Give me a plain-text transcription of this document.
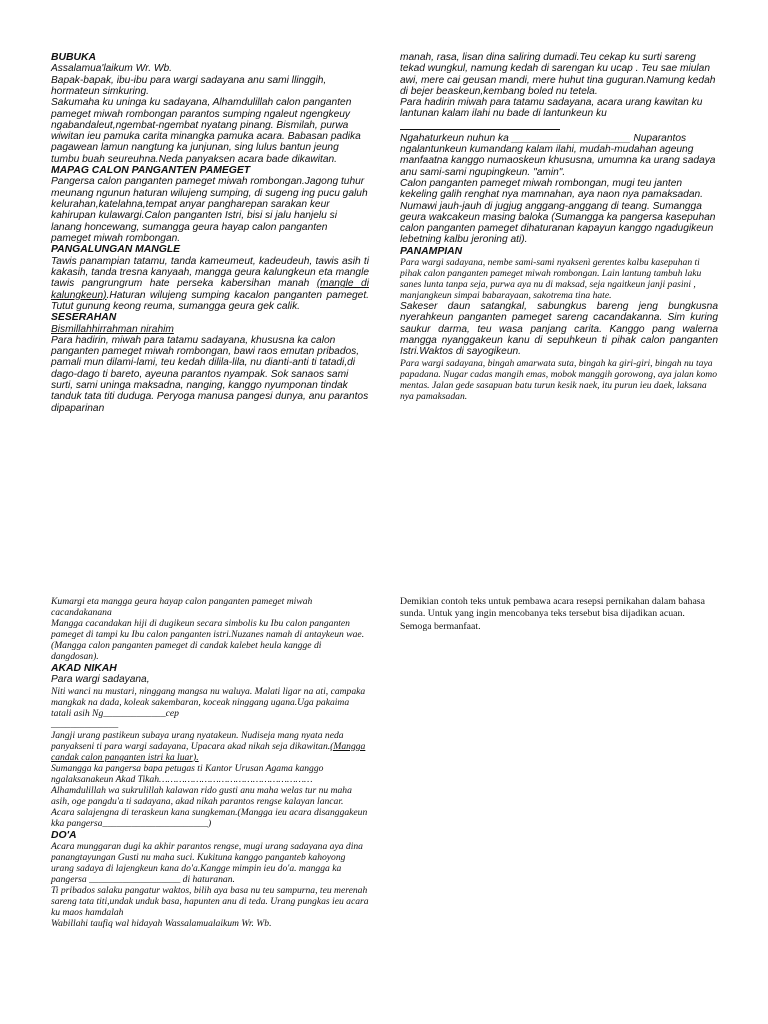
BUBUKA

Assalamua'laikum Wr. Wb.

Bapak-bapak, ibu-ibu para wargi sadayana anu sami llinggih, hormateun simkuring.

Sakumaha ku uninga ku sadayana, Alhamdulillah calon panganten pameget miwah rombongan parantos sumping ngaleut ngengkeuy ngabandaleut,ngembat-ngembat nyatang pinang. Bismilah, purwa wiwitan ieu pamuka carita minangka pamuka acara. Babasan padika pagawean lamun nangtung ka junjunan, sing lulus bantun jeung tumbu buah seureuhna.Neda panyaksen acara bade dikawitan.

MAPAG CALON PANGANTEN PAMEGET

Pangersa calon panganten pameget miwah rombongan.Jagong tuhur meunang ngunun haturan wilujeng sumping, di sugeng ing pucu galuh kelurahan,katelahna,tempat anyar pangharepan sarakan keur kahirupan kulawargi.Calon panganten Istri, bisi si jalu hanjelu si lanang honcewang, sumangga geura hayap calon panganten pameget miwah rombongan.

PANGALUNGAN MANGLE

Tawis panampian tatamu, tanda kameumeut, kadeudeuh, tawis asih ti kakasih, tanda tresna kanyaah, mangga geura kalungkeun eta mangle tawis pangrungrum hate perseka kabersihan manah (mangle di kalungkeun).Haturan wilujeng sumping kacalon panganten pameget. Tutut gunung keong reuma, sumangga geura gek calik.

SESERAHAN

Bismillahhirrahman nirahim

Para hadirin, miwah para tatamu sadayana, khususna ka calon panganten pameget miwah rombongan, bawi raos emutan pribados, pamali mun dilami-lami, teu kedah dilila-lila, nu dianti-anti ti tatadi,di dago-dago ti bareto, ayeuna parantos nyampak. Sok sanaos sami surti, sami uninga maksadna, nanging, kanggo nyumponan tindak tanduk tata titi duduga. Peryoga manusa pangesi dunya, anu parantos dipaparinan

manah, rasa, lisan dina saliring dumadi.Teu cekap ku surti sareng tekad wungkul, namung kedah di sarengan ku ucap . Teu sae miulan awi, mere cai geusan mandi, mere huhut tina guguran.Namung kedah di bejer beaskeun,kembang boled nu tetela.

Para hadirin miwah para tatamu sadayana, acara urang kawitan ku lantunan kalam ilahi nu bade di lantunkeun ku

Ngahaturkeun nuhun ka _____________________ Nuparantos ngalantunkeun kumandang kalam ilahi, mudah-mudahan ageung manfaatna kanggo numaoskeun khususna, umumna ka urang sadaya anu sami-sami ngupingkeun. "amin".

Calon panganten pameget miwah rombongan, mugi teu janten kekeling galih renghat nya mamnahan, aya naon nya pamaksadan. Numawi jauh-jauh di jugjug anggang-anggang di teang. Sumangga geura wakcakeun masing baloka (Sumangga ka pangersa kasepuhan calon panganten pameget dihaturanan kapayun kanggo ngadugikeun lebetning kalbu jeroning ati).

PANAMPIAN

Para wargi sadayana, nembe sami-sami nyaksenì gerentes kalbu kasepuhan ti pihak calon panganten pameget miwah rombongan. Lain lantung tambuh laku sanes lunta tanpa seja, purwa aya nu di maksad, seja ngaitkeun janji pasini , manjangkeun simpai babarayaan, sakotrema tina hate.

Sakeser daun satangkal, sabungkus bareng jeng bungkusna nyerahkeun panganten pameget sareng cacandakanna. Sim kuring saukur darma, teu wasa panjang carita. Kanggo pang walerna mangga nyanggakeun kanu di sepuhkeun ti pihak calon panganten Istri.Waktos di sayogikeun.

Para wargi sadayana, bingah amarwata suta, bingah ka giri-giri, bingah nu taya papadana. Nugar cadas mangih emas, mobok manggih gorowong, aya jalan komo mentas. Jalan gede sasapuan batu turun kesik naek, itu purun ieu daek, laksana nya pamaksadan.

Kumargi eta mangga geura hayap calon panganten pameget miwah cacandakanana

Mangga cacandakan hiji di dugikeun secara simbolis ku Ibu calon panganten pameget di tampi ku Ibu calon panganten istri.Nuzanes namah di antaykeun wae.

(Mangga calon panganten pameget di candak kalebet heula kangge di dangdosan).

AKAD NIKAH

Para wargi sadayana,

Niti wanci nu mustari, ninggang mangsa nu waluya. Malati ligar na ati, campaka mangkak na dada, koleak sakembaran, koceak ninggang ugana.Uga pakaima tatali asih Ng_____________cep
______________

Jangji urang pastikeun subaya urang nyatakeun. Nudiseja mang nyata neda panyakseni ti para wargi sadayana, Upacara akad nikah seja dikawitan.(Mangga candak calon panganten istri ka luar).

Sumangga ka pangersa bapa petugas ti Kantor Urusan Agama kanggo ngalaksanakeun Akad Tikah………………………………………………

Alhamdulillah wa sukrulillah kalawan rido gusti anu maha welas tur nu maha asih, oge pangdu'a ti sadayana, akad nikah parantos rengse kalayan lancar.

Acara salajengna di teraskeun kana sungkeman.(Mangga ieu acara disanggakeun kka pangersa______________________)

DO'A

Acara munggaran dugi ka akhir parantos rengse, mugi urang sadayana aya dina panangtayungan Gusti nu maha suci. Kukituna kanggo panganteb kahoyong urang sadaya di lajengkeun kana do'a.Kangge mimpin ieu do'a. mangga ka pangersa ___________________ di haturanan.

Ti pribados salaku pangatur waktos, bilih aya basa nu teu sampurna, teu merenah sareng tata titi,undak unduk basa, hapunten anu di teda. Urang pungkas ieu acara ku maos hamdalah

Wabillahi taufiq wal hidayah Wassalamualaikum Wr. Wb.

Demikian contoh teks untuk pembawa acara resepsi pernikahan dalam bahasa sunda. Untuk yang ingin mencobanya teks tersebut bisa dijadikan acuan. Semoga bermanfaat.
